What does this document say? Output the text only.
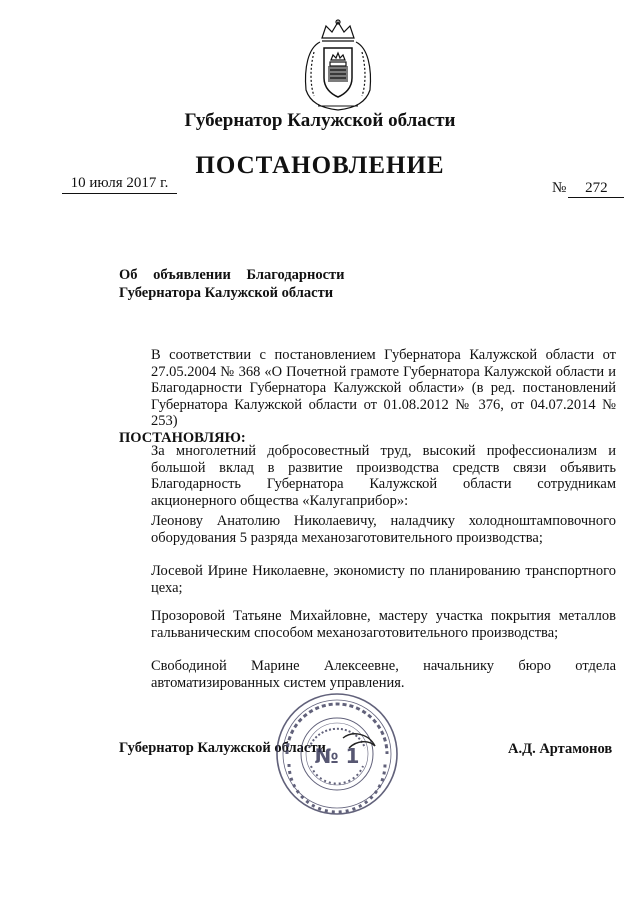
Губернатор Калужской области
ПОСТАНОВЛЕНИЕ
10 июля 2017 г.	№ 272
Об объявлении Благодарности
Губернатора Калужской области
В соответствии с постановлением Губернатора Калужской области от 27.05.2004 № 368 «О Почетной грамоте Губернатора Калужской области и Благодарности Губернатора Калужской области» (в ред. постановлений Губернатора Калужской области от 01.08.2012 № 376, от 04.07.2014 № 253)
ПОСТАНОВЛЯЮ:
За многолетний добросовестный труд, высокий профессионализм и большой вклад в развитие производства средств связи объявить Благодарность Губернатора Калужской области сотрудникам акционерного общества «Калугаприбор»:
Леонову Анатолию Николаевичу, наладчику холодноштамповочного оборудования 5 разряда механозаготовительного производства;
Лосевой Ирине Николаевне, экономисту по планированию транспортного цеха;
Прозоровой Татьяне Михайловне, мастеру участка покрытия металлов гальваническим способом механозаготовительного производства;
Свободиной Марине Алексеевне, начальнику бюро отдела автоматизированных систем управления.
Губернатор Калужской области	А.Д. Артамонов
№ 1
